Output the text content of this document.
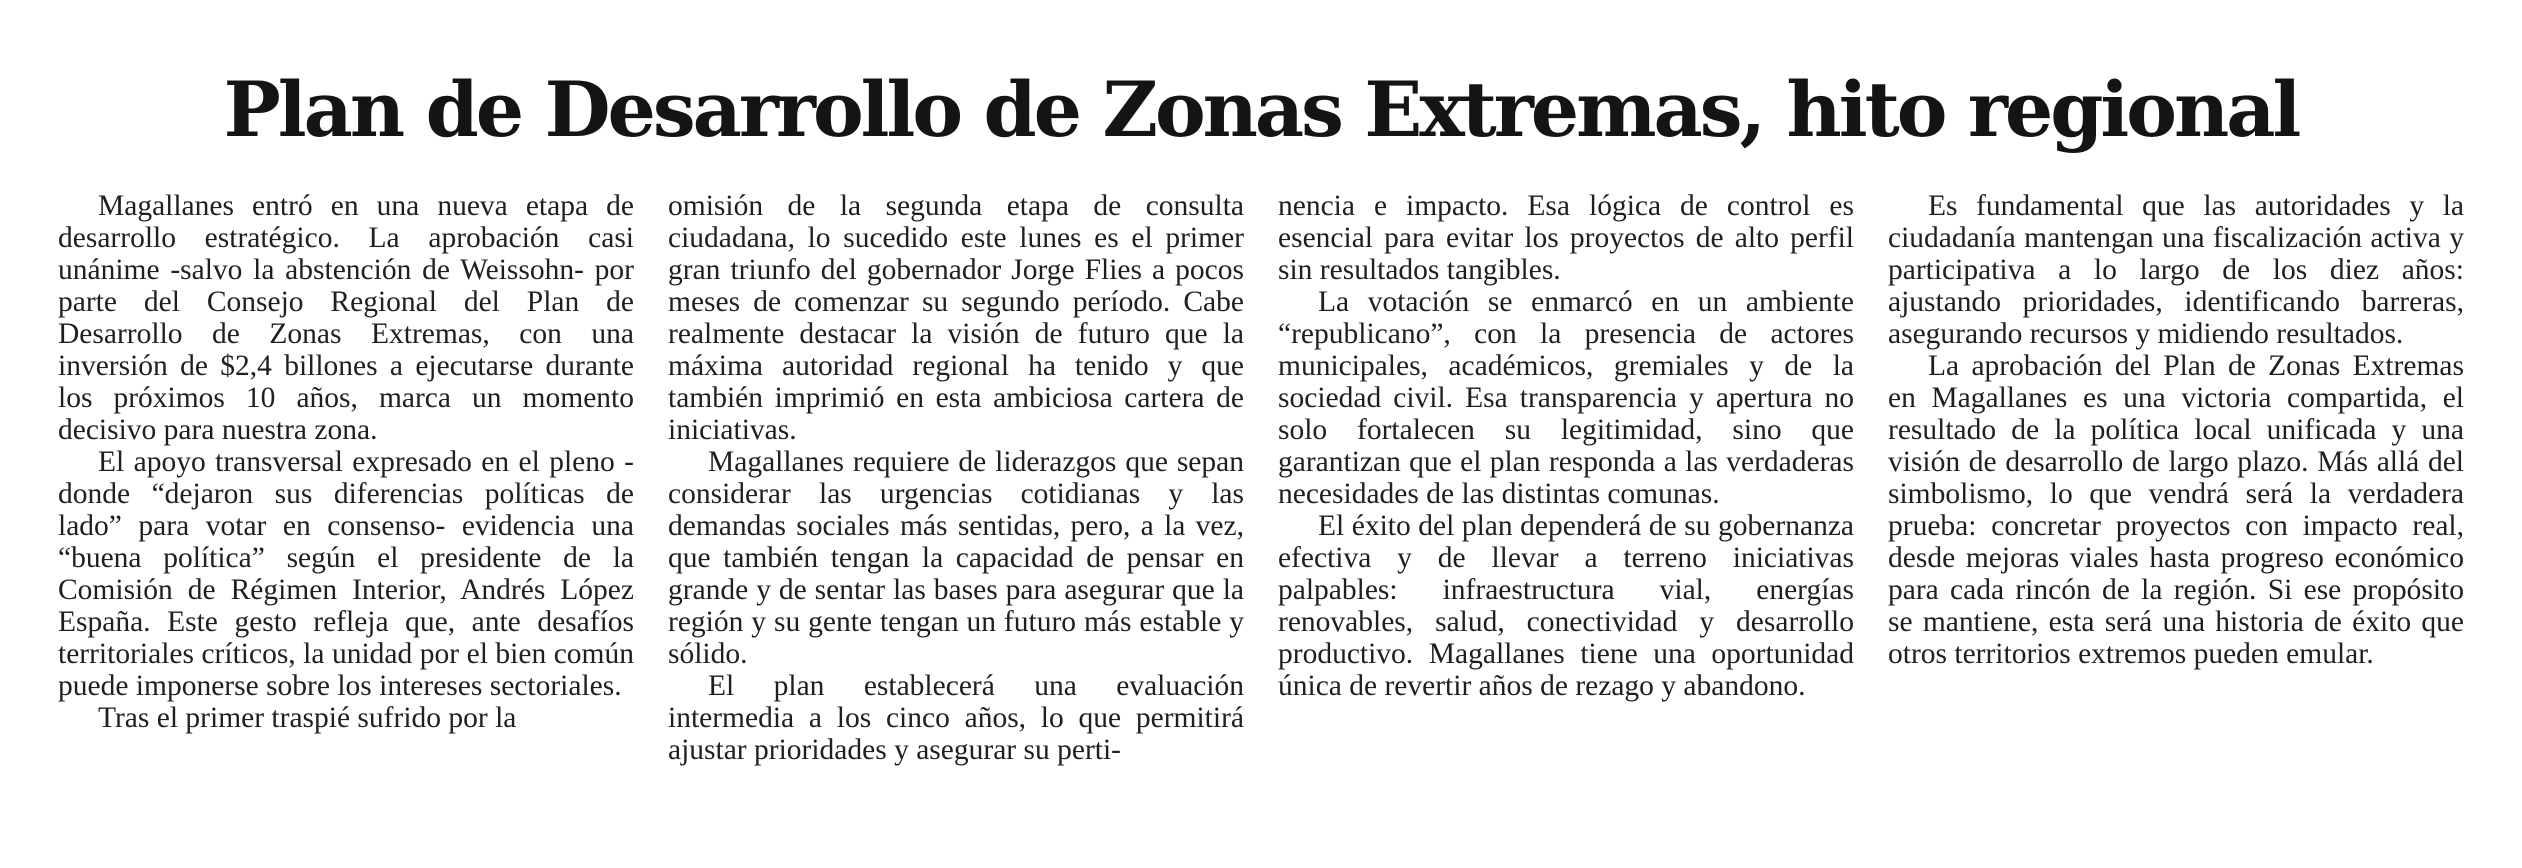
Plan de Desarrollo de Zonas Extremas, hito regional

Magallanes entró en una nueva etapa de desarrollo estratégico. La aprobación casi unánime -salvo la abstención de Weissohn- por parte del Consejo Regional del Plan de Desarrollo de Zonas Extremas, con una inversión de $2,4 billones a ejecutarse durante los próximos 10 años, marca un momento decisivo para nuestra zona.

El apoyo transversal expresado en el pleno -donde “dejaron sus diferencias políticas de lado” para votar en consenso- evidencia una “buena política” según el presidente de la Comisión de Régimen Interior, Andrés López España. Este gesto refleja que, ante desafíos territoriales críticos, la unidad por el bien común puede imponerse sobre los intereses sectoriales.

Tras el primer traspié sufrido por la

omisión de la segunda etapa de consulta ciudadana, lo sucedido este lunes es el primer gran triunfo del gobernador Jorge Flies a pocos meses de comenzar su segundo período. Cabe realmente destacar la visión de futuro que la máxima autoridad regional ha tenido y que también imprimió en esta ambiciosa cartera de iniciativas.

Magallanes requiere de liderazgos que sepan considerar las urgencias cotidianas y las demandas sociales más sentidas, pero, a la vez, que también tengan la capacidad de pensar en grande y de sentar las bases para asegurar que la región y su gente tengan un futuro más estable y sólido.

El plan establecerá una evaluación intermedia a los cinco años, lo que permitirá ajustar prioridades y asegurar su perti-

nencia e impacto. Esa lógica de control es esencial para evitar los proyectos de alto perfil sin resultados tangibles.

La votación se enmarcó en un ambiente “republicano”, con la presencia de actores municipales, académicos, gremiales y de la sociedad civil. Esa transparencia y apertura no solo fortalecen su legitimidad, sino que garantizan que el plan responda a las verdaderas necesidades de las distintas comunas.

El éxito del plan dependerá de su gobernanza efectiva y de llevar a terreno iniciativas palpables: infraestructura vial, energías renovables, salud, conectividad y desarrollo productivo. Magallanes tiene una oportunidad única de revertir años de rezago y abandono.

Es fundamental que las autoridades y la ciudadanía mantengan una fiscalización activa y participativa a lo largo de los diez años: ajustando prioridades, identificando barreras, asegurando recursos y midiendo resultados.

La aprobación del Plan de Zonas Extremas en Magallanes es una victoria compartida, el resultado de la política local unificada y una visión de desarrollo de largo plazo. Más allá del simbolismo, lo que vendrá será la verdadera prueba: concretar proyectos con impacto real, desde mejoras viales hasta progreso económico para cada rincón de la región. Si ese propósito se mantiene, esta será una historia de éxito que otros territorios extremos pueden emular.
